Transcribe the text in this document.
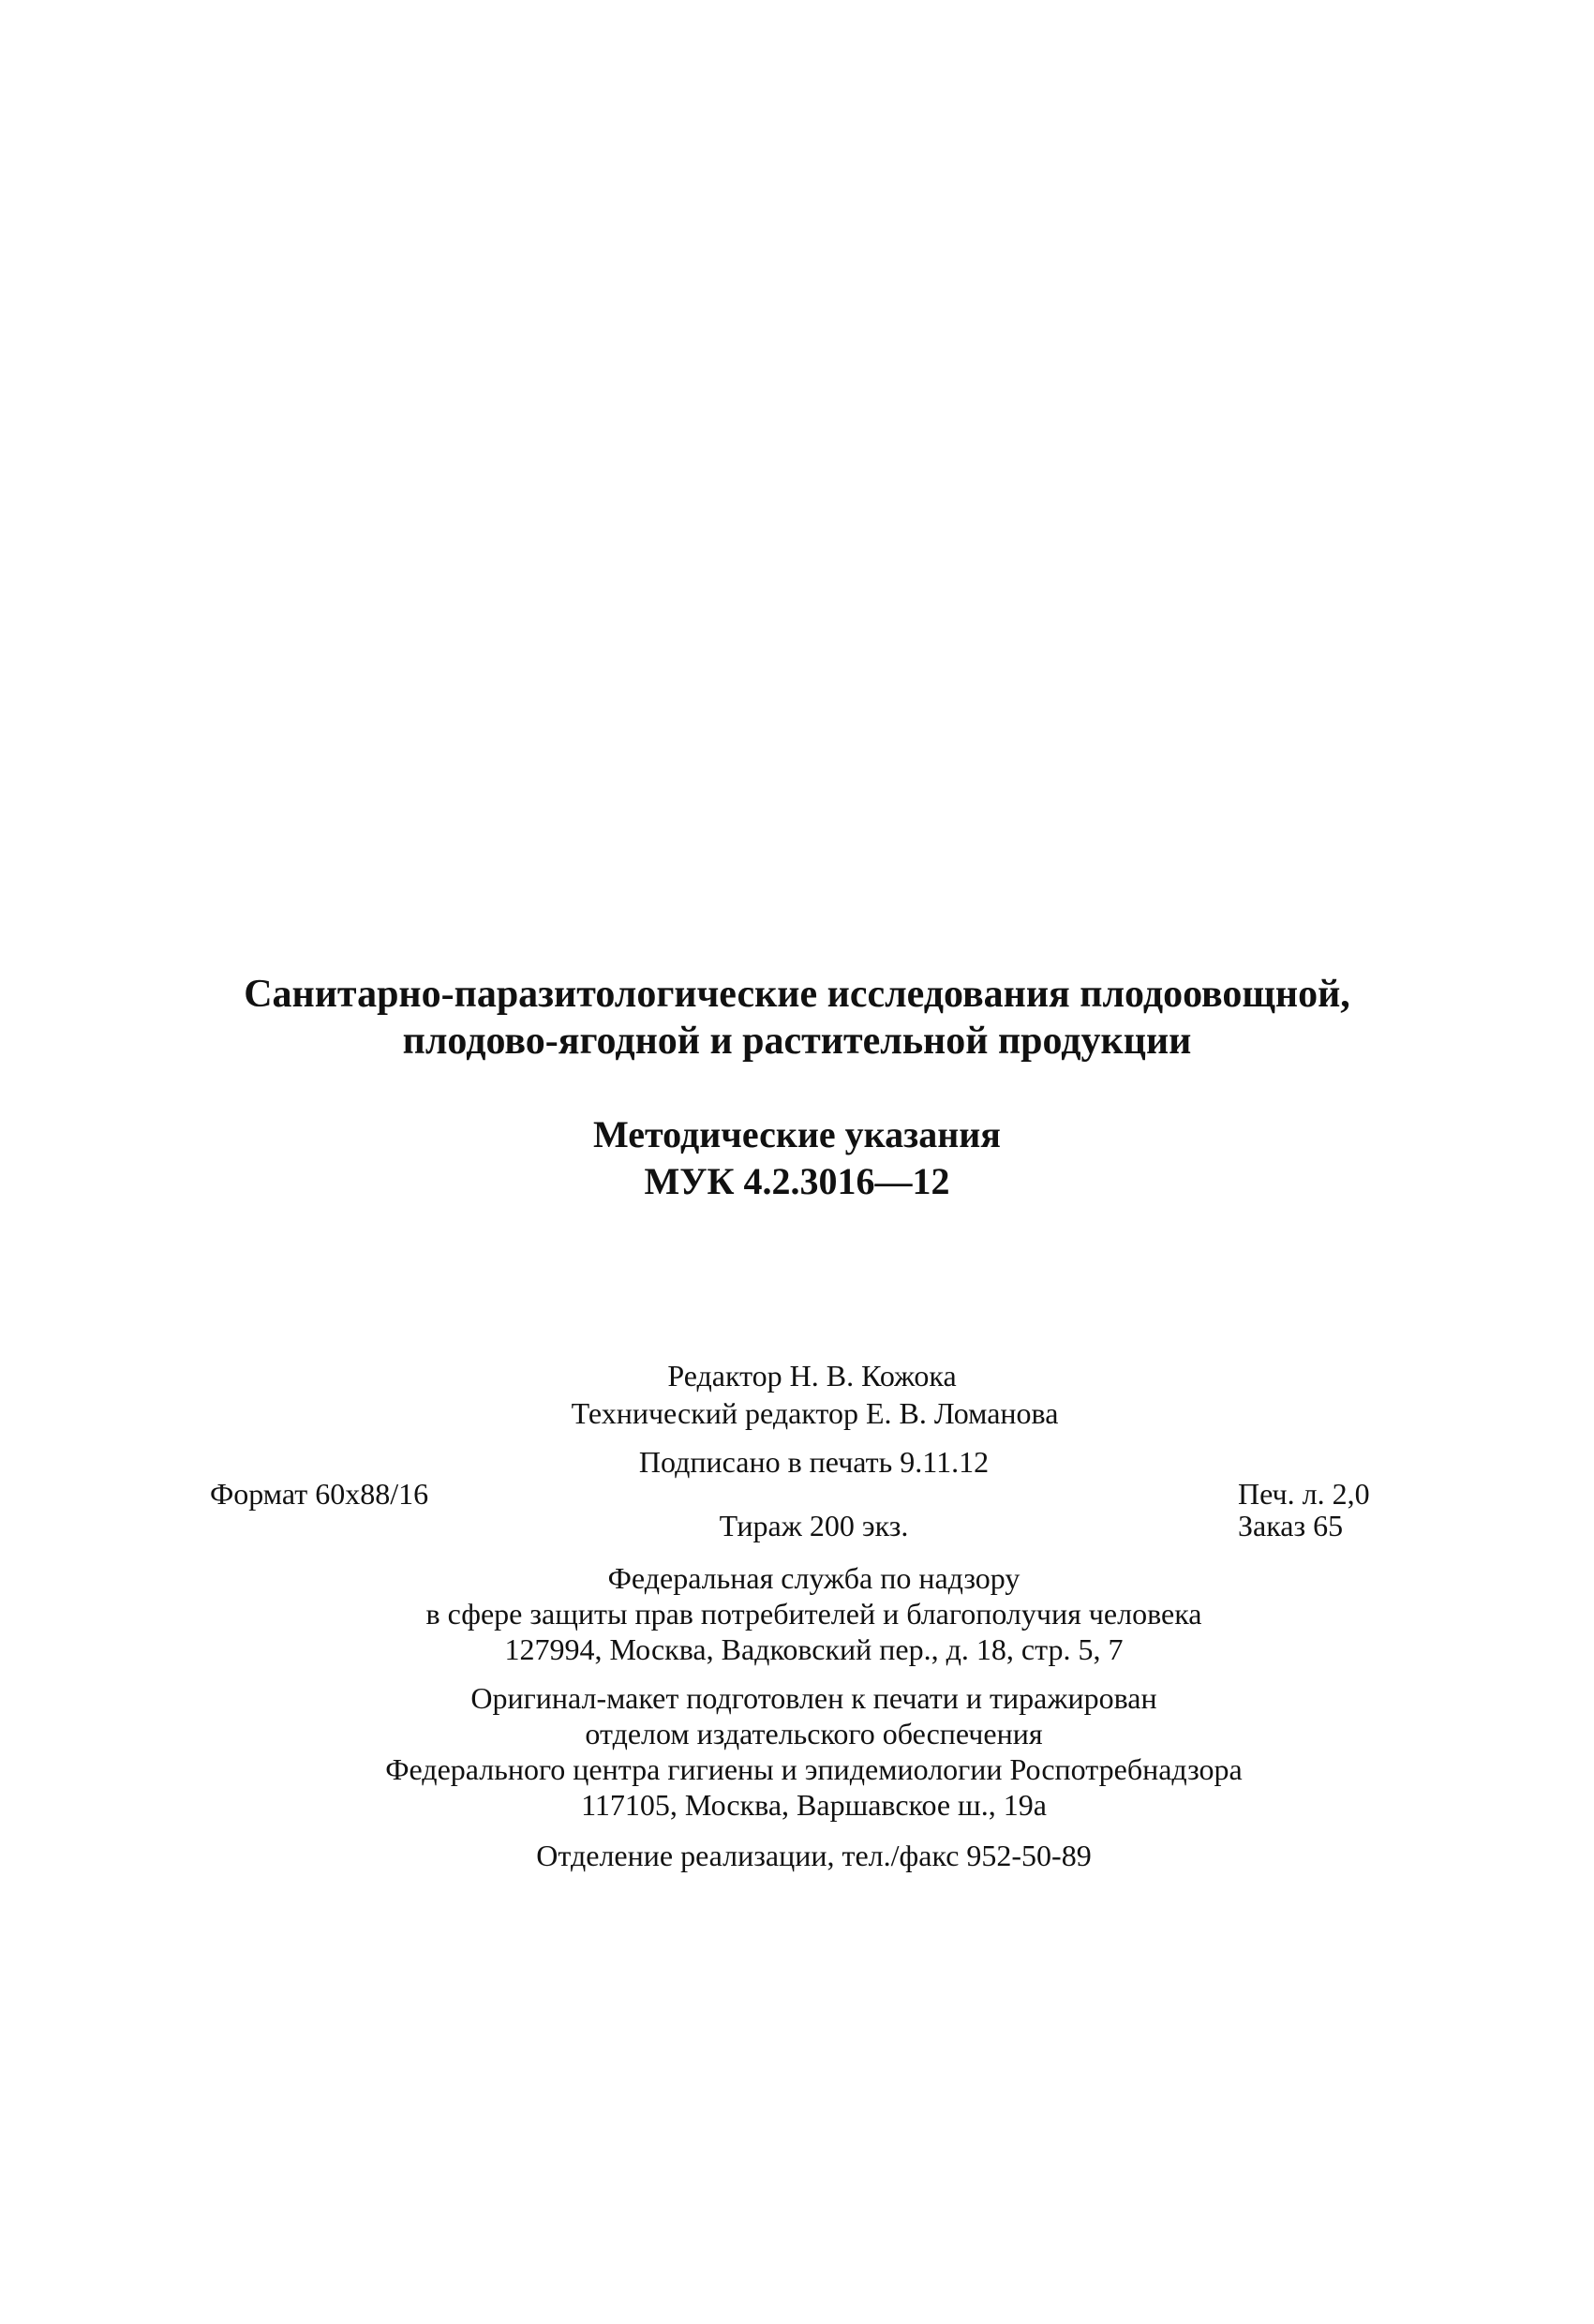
Санитарно-паразитологические исследования плодоовощной,
плодово-ягодной и растительной продукции
Методические указания
МУК 4.2.3016—12
Редактор Н. В. Кожока
Технический редактор Е. В. Ломанова
Подписано в печать 9.11.12
Формат 60x88/16	Печ. л. 2,0
Тираж 200 экз.	Заказ 65
Федеральная служба по надзору
в сфере защиты прав потребителей и благополучия человека
127994, Москва, Вадковский пер., д. 18, стр. 5, 7
Оригинал-макет подготовлен к печати и тиражирован
отделом издательского обеспечения
Федерального центра гигиены и эпидемиологии Роспотребнадзора
117105, Москва, Варшавское ш., 19а
Отделение реализации, тел./факс 952-50-89
